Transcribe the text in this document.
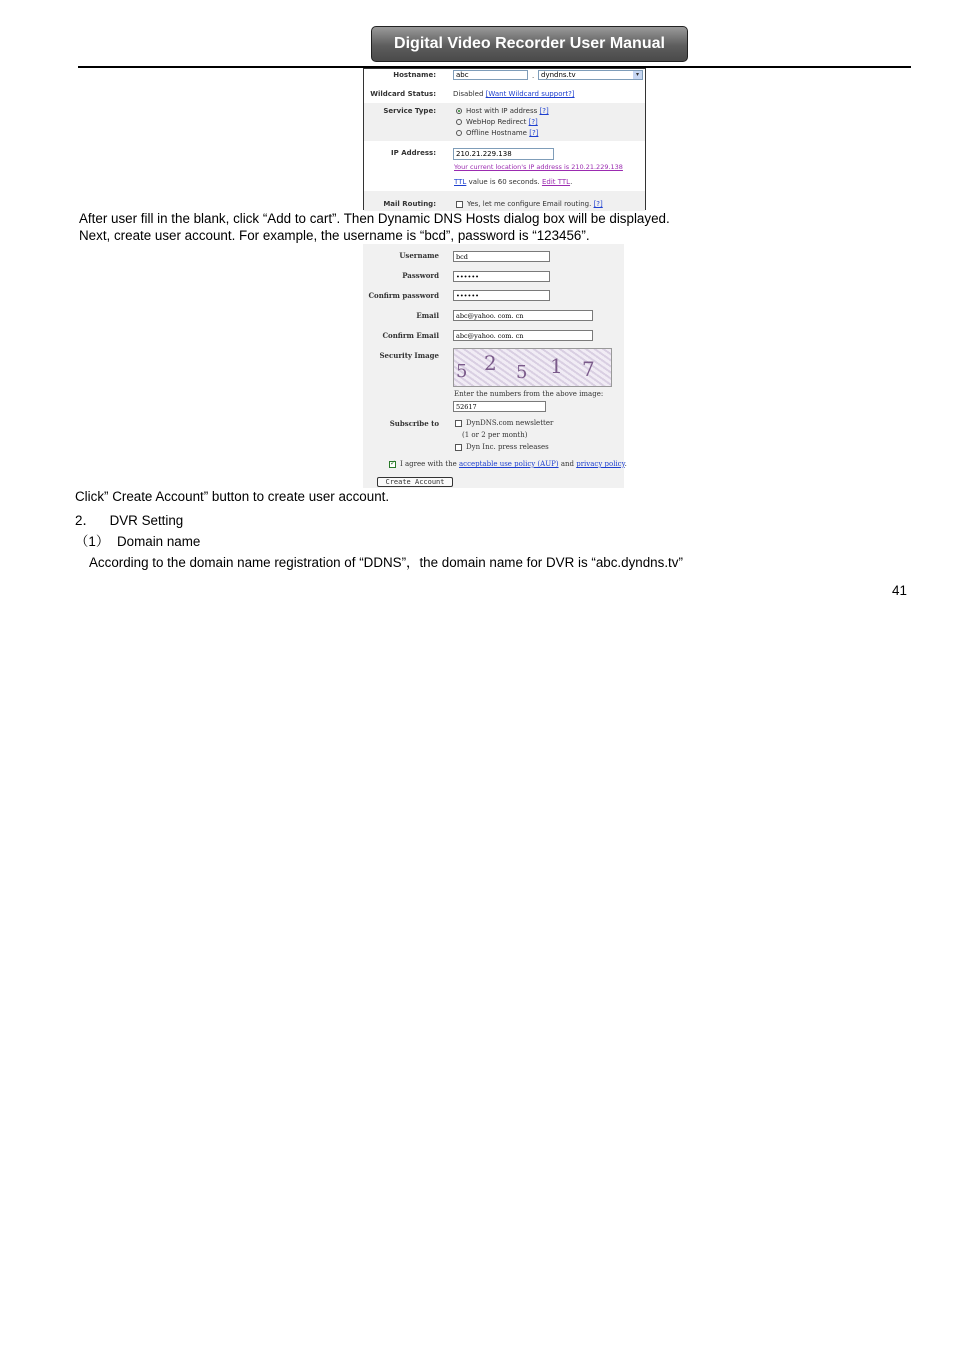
Digital Video Recorder User Manual
Hostname:	abc	. dyndns.tv	▾
Wildcard Status: Disabled [Want Wildcard support?]
Service Type:	Host with IP address [?]
WebHop Redirect [?]
Offline Hostname [?]
IP Address:	210.21.229.138
Your current location's IP address is 210.21.229.138
TTL value is 60 seconds. Edit TTL.
Mail Routing:	Yes, let me configure Email routing. [?]
After user fill in the blank, click “Add to cart”. Then Dynamic DNS Hosts dialog box will be displayed.
Next, create user account. For example, the username is “bcd”, password is “123456”.
Username	bcd
Password	••••••
Confirm password	••••••
Email	abc@yahoo. com. cn
Confirm Email	abc@yahoo. com. cn
Security Image
5 2 5 1 7
Enter the numbers from the above image:
52617
Subscribe to	DynDNS.com newsletter
(1 or 2 per month)
Dyn Inc. press releases
✓I agree with the acceptable use policy (AUP) and privacy policy.
Create Account
Click” Create Account” button to create user account.
2． DVR Setting
（1） Domain name
According to the domain name registration of “DDNS”，the domain name for DVR is “abc.dyndns.tv”
41
